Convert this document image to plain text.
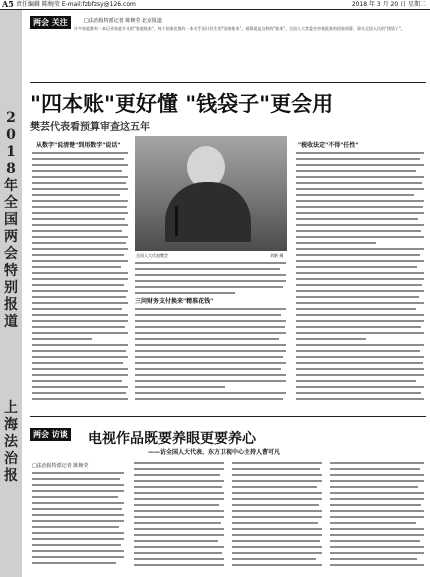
A5 责任编辑 陈婉莹 E-mail:fzbfzsy@126.com	2018 年 3 月 20 日 星期二
2018年全国两会特别报道
上海法治报
两会 关注	□法治报特派记者 陈婉莹 北京报道
许多家庭都有一本记录家庭开支的"家庭账本"，每个国家也都有一本关乎国计民生的"国家账本"。预算就是这样的"账本"。全国人大常委会审查批准的国家预算，事关全国人民的"钱袋子"。
"四本账"更好懂 "钱袋子"更会用
樊芸代表看预算审查这五年
从数字"说清楚"到用数字"说话"
全国人大代表樊芸	刘皓 摄
三问财务支付换来"精准花钱"
"税收法定"不得"任性"
两会 访谈 电视作品既要养眼更要养心
——访全国人大代表、东方卫视中心主持人曹可凡
□法治报特派记者 陈婉莹
